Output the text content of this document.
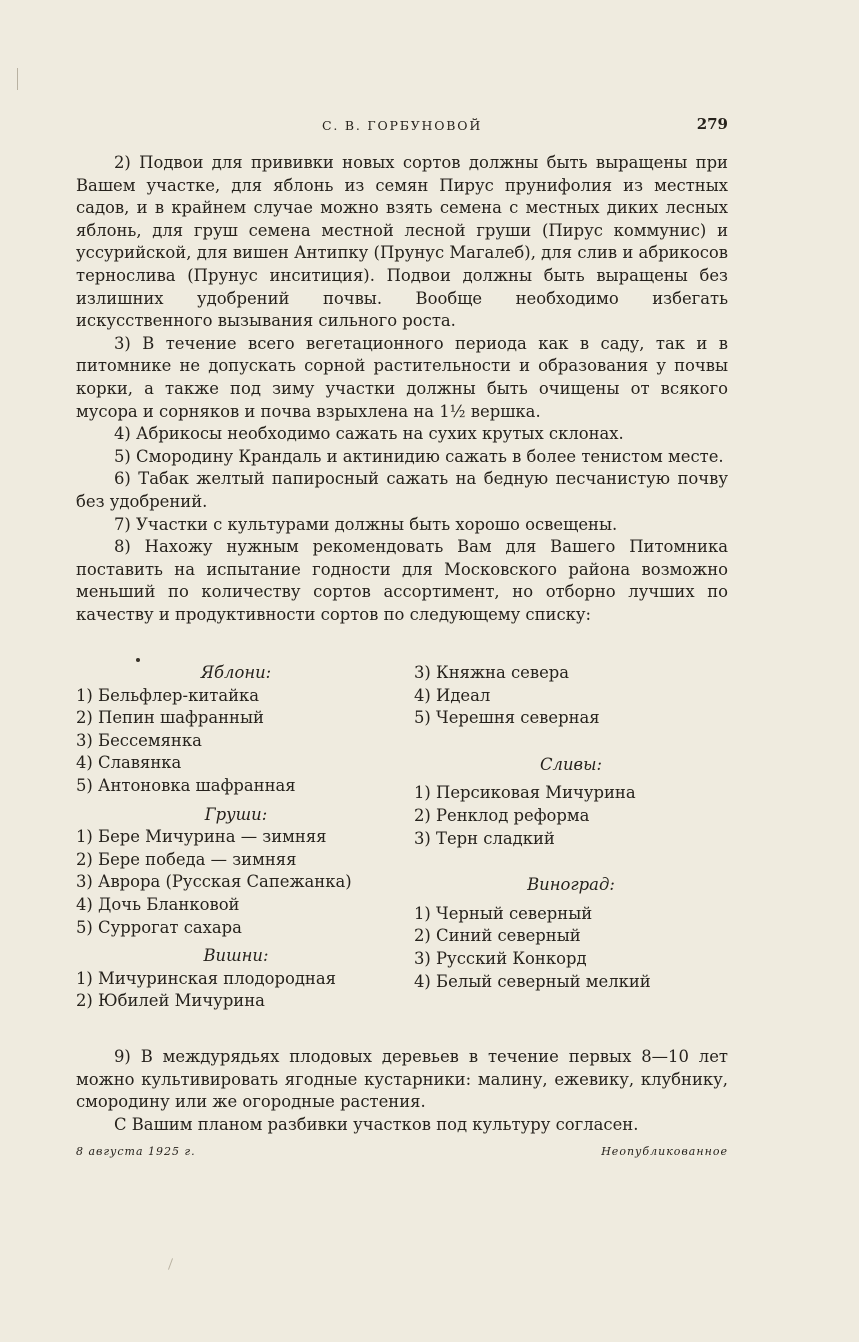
С. В. ГОРБУНОВОЙ	279

2) Подвои для прививки новых сортов должны быть выращены при Вашем участке, для яблонь из семян Пирус прунифолия из местных садов, и в крайнем случае можно взять семена с местных диких лесных яблонь, для груш семена местной лесной груши (Пирус коммунис) и уссурийской, для вишен Антипку (Прунус Магалеб), для слив и абрикосов тернослива (Прунус инситиция). Подвои должны быть выращены без излишних удобрений почвы. Вообще необходимо избегать искусственного вызывания сильного роста.

3) В течение всего вегетационного периода как в саду, так и в питомнике не допускать сорной растительности и образования у почвы корки, а также под зиму участки должны быть очищены от всякого мусора и сорняков и почва взрыхлена на 1½ вершка.

4) Абрикосы необходимо сажать на сухих крутых склонах.

5) Смородину Крандаль и актинидию сажать в более тенистом месте.

6) Табак желтый папиросный сажать на бедную песчанистую почву без удобрений.

7) Участки с культурами должны быть хорошо освещены.

8) Нахожу нужным рекомендовать Вам для Вашего Питомника поставить на испытание годности для Московского района возможно меньший по количеству сортов ассортимент, но отборно лучших по качеству и продуктивности сортов по следующему списку:

Яблони:
1) Бельфлер-китайка
2) Пепин шафранный
3) Бессемянка
4) Славянка
5) Антоновка шафранная
Груши:
1) Бере Мичурина — зимняя
2) Бере победа — зимняя
3) Аврора (Русская Сапежанка)
4) Дочь Бланковой
5) Суррогат сахара
Вишни:
1) Мичуринская плодородная
2) Юбилей Мичурина
3) Княжна севера
4) Идеал
5) Черешня северная
Сливы:
1) Персиковая Мичурина
2) Ренклод реформа
3) Терн сладкий
Виноград:
1) Черный северный
2) Синий северный
3) Русский Конкорд
4) Белый северный мелкий

9) В междурядьях плодовых деревьев в течение первых 8—10 лет можно культивировать ягодные кустарники: малину, ежевику, клубнику, смородину или же огородные растения.

С Вашим планом разбивки участков под культуру согласен.

8 августа 1925 г.	Неопубликованное
